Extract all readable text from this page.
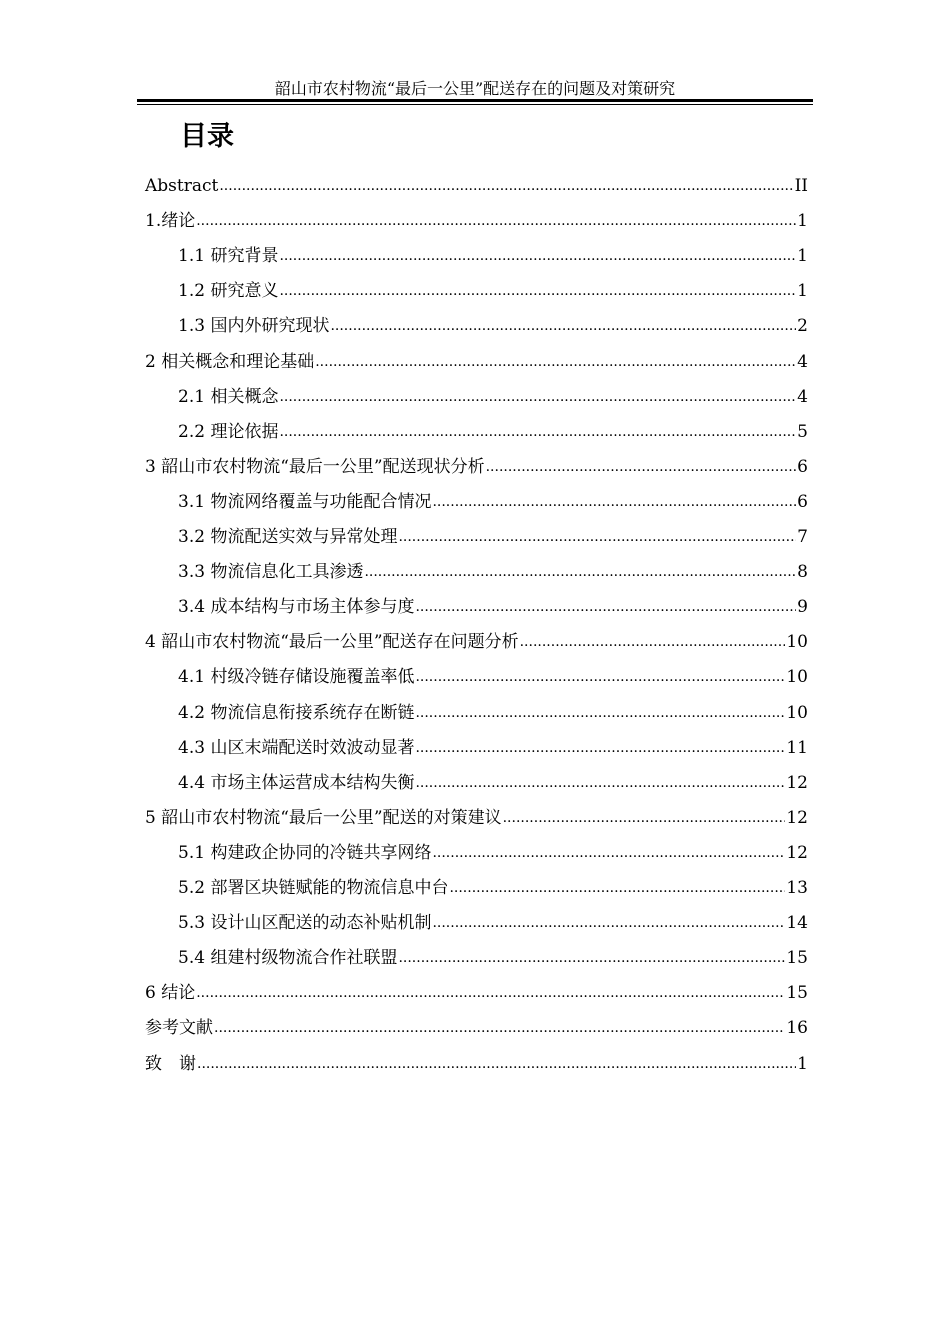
韶山市农村物流“最后一公里”配送存在的问题及对策研究
目录
Abstract .....	II
1.绪论 .....	1
1.1 研究背景 .....	1
1.2 研究意义 .....	1
1.3 国内外研究现状 .....	2
2 相关概念和理论基础 .....	4
2.1 相关概念 .....	4
2.2 理论依据 .....	5
3 韶山市农村物流“最后一公里”配送现状分析 .....	6
3.1 物流网络覆盖与功能配合情况 .....	6
3.2 物流配送实效与异常处理 .....	7
3.3 物流信息化工具渗透 .....	8
3.4 成本结构与市场主体参与度 .....	9
4 韶山市农村物流“最后一公里”配送存在问题分析 .....	10
4.1 村级冷链存储设施覆盖率低 .....	10
4.2 物流信息衔接系统存在断链 .....	10
4.3 山区末端配送时效波动显著 .....	11
4.4 市场主体运营成本结构失衡 .....	12
5 韶山市农村物流“最后一公里”配送的对策建议 .....	12
5.1 构建政企协同的冷链共享网络 .....	12
5.2 部署区块链赋能的物流信息中台 .....	13
5.3 设计山区配送的动态补贴机制 .....	14
5.4 组建村级物流合作社联盟 .....	15
6 结论 .....	15
参考文献 .....	16
致　谢 .....	1
